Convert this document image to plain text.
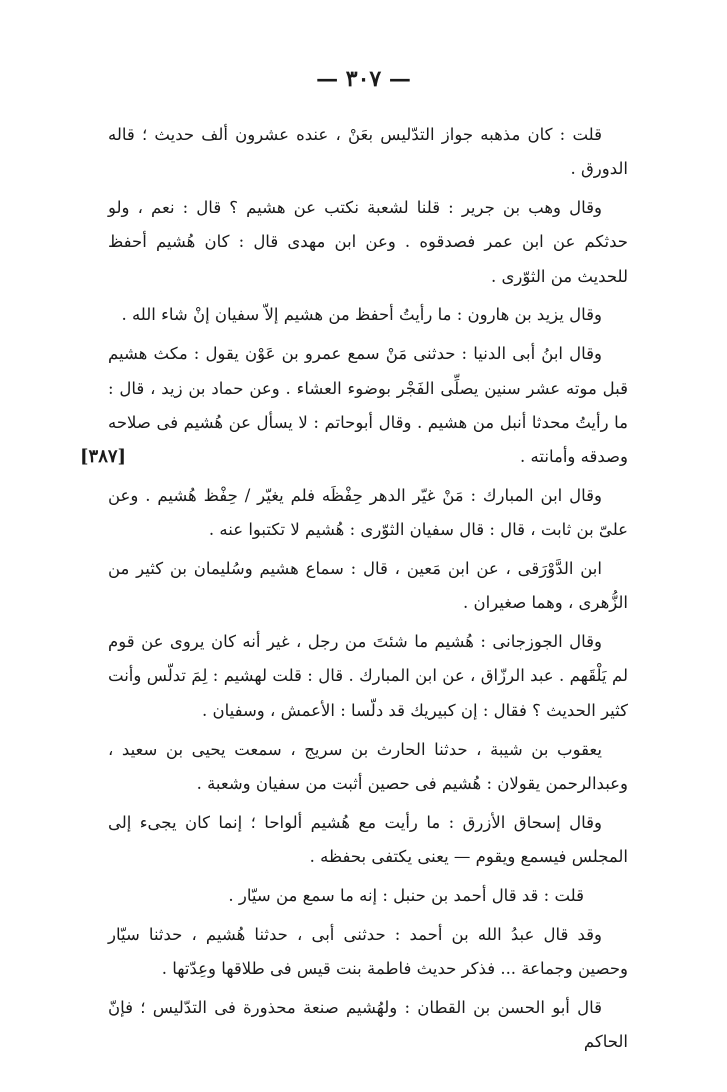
— ٣٠٧ —
[٣٨٧]

قلت : كان مذهبه جواز التدّليس بعَنْ ، عنده عشرون ألف حديث ؛ قاله الدورق .

وقال وهب بن جرير : قلنا لشعبة نكتب عن هشيم ؟ قال : نعم ، ولو حدثكم عن ابن عمر فصدقوه . وعن ابن مهدى قال : كان هُشيم أحفظ للحديث من الثوّرى .

وقال يزيد بن هارون : ما رأيتُ أحفظ من هشيم إلاّ سفيان إنْ شاء الله .

وقال ابنُ أبى الدنيا : حدثنى مَنْ سمع عمرو بن عَوْن يقول : مكث هشيم قبل موته عشر سنين يصلِّى الفَجْر بوضوء العشاء . وعن حماد بن زيد ، قال : ما رأيتُ محدثا أنبل من هشيم . وقال أبوحاتم : لا يسأل عن هُشيم فى صلاحه وصدقه وأمانته .

وقال ابن المبارك : مَنْ غيّر الدهر حِفْظَه فلم يغيّر / حِفْظ هُشيم . وعن علىّ بن ثابت ، قال : قال سفيان الثوّرى : هُشيم لا تكتبوا عنه .

ابن الدَّوْرَقى ، عن ابن مَعين ، قال : سماع هشيم وسُليمان بن كثير من الزُّهرى ، وهما صغيران .

وقال الجوزجانى : هُشيم ما شئتَ من رجل ، غير أنه كان يروى عن قوم لم يَلْقَهم . عبد الرزّاق ، عن ابن المبارك . قال : قلت لهشيم : لِمَ تدلّس وأنت كثير الحديث ؟ فقال : إن كبيريك قد دلّسا : الأعمش ، وسفيان .

يعقوب بن شيبة ، حدثنا الحارث بن سريج ، سمعت يحيى بن سعيد ، وعبدالرحمن يقولان : هُشيم فى حصين أثبت من سفيان وشعبة .

وقال إسحاق الأزرق : ما رأيت مع هُشيم ألواحا ؛ إنما كان يجىء إلى المجلس فيسمع ويقوم — يعنى يكتفى بحفظه .

قلت : قد قال أحمد بن حنبل : إنه ما سمع من سيّار .

وقد قال عبدُ الله بن أحمد : حدثنى أبى ، حدثنا هُشيم ، حدثنا سيّار وحصين وجماعة ... فذكر حديث فاطمة بنت قيس فى طلاقها وعِدّتها .

قال أبو الحسن بن القطان : ولهُشيم صنعة محذورة فى التدّليس ؛ فإنّ الحاكم
